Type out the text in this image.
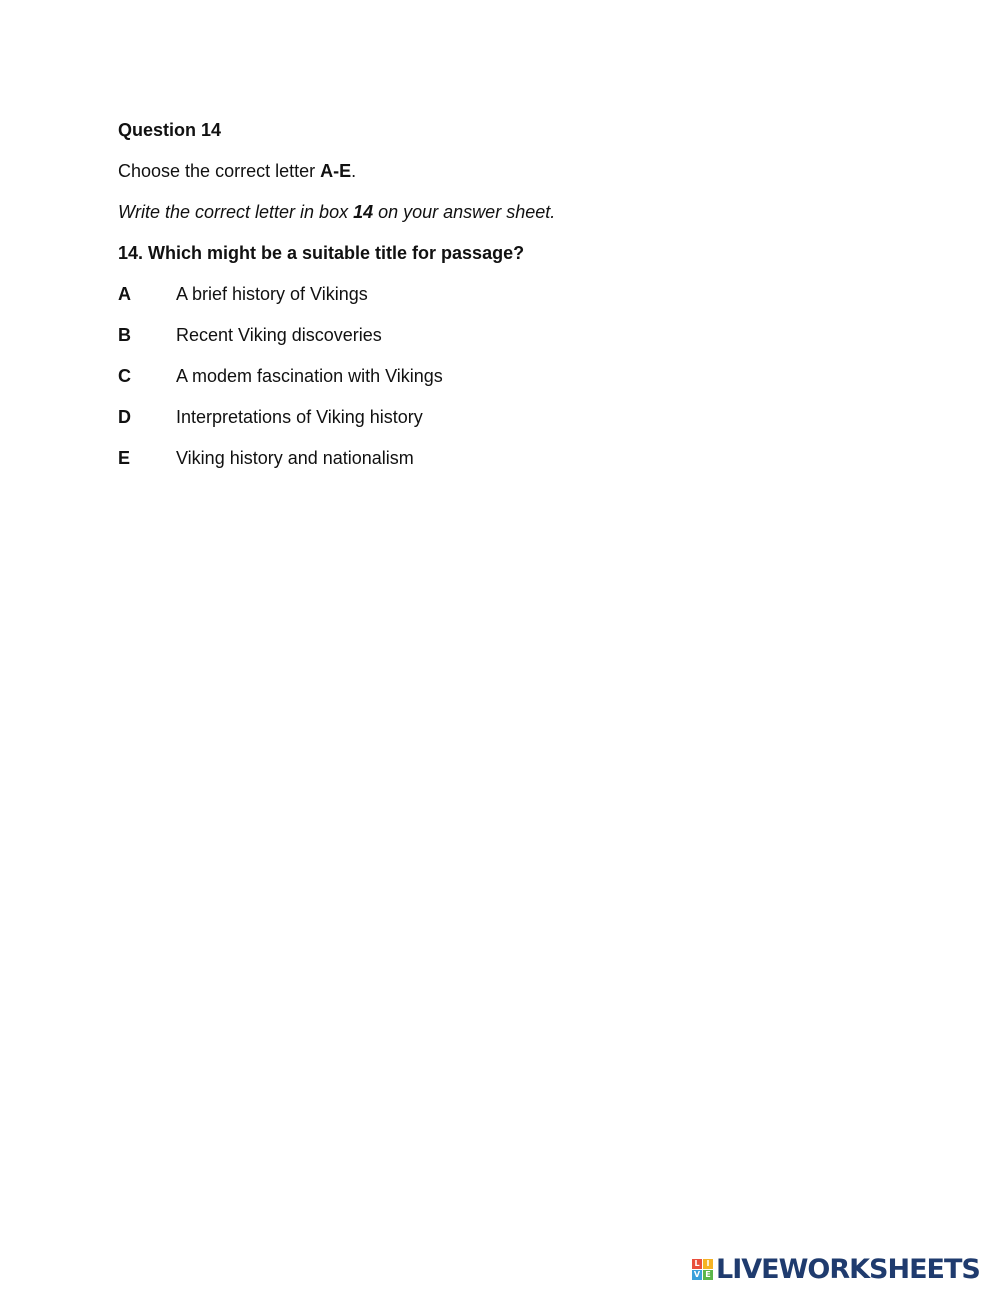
Question 14
Choose the correct letter A-E.
Write the correct letter in box 14 on your answer sheet.
14. Which might be a suitable title for passage?
A	A brief history of Vikings
B	Recent Viking discoveries
C	A modem fascination with Vikings
D	Interpretations of Viking history
E	Viking history and nationalism
L I
V E LIVEWORKSHEETS
